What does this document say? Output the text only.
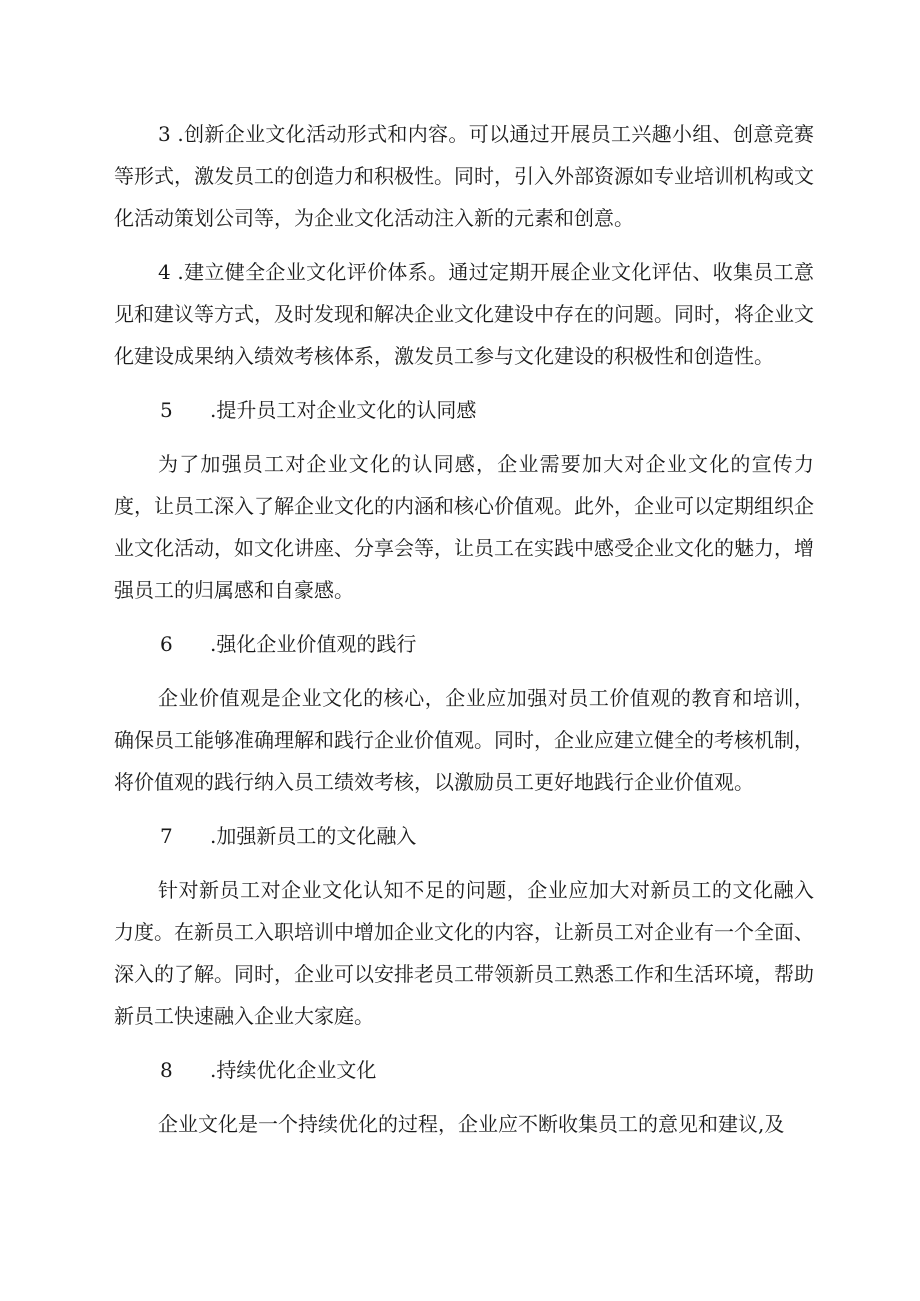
3 .创新企业文化活动形式和内容。可以通过开展员工兴趣小组、创意竞赛等形式，激发员工的创造力和积极性。同时，引入外部资源如专业培训机构或文化活动策划公司等，为企业文化活动注入新的元素和创意。

4 .建立健全企业文化评价体系。通过定期开展企业文化评估、收集员工意见和建议等方式，及时发现和解决企业文化建设中存在的问题。同时，将企业文化建设成果纳入绩效考核体系，激发员工参与文化建设的积极性和创造性。

5 .提升员工对企业文化的认同感

为了加强员工对企业文化的认同感，企业需要加大对企业文化的宣传力度，让员工深入了解企业文化的内涵和核心价值观。此外，企业可以定期组织企业文化活动，如文化讲座、分享会等，让员工在实践中感受企业文化的魅力，增强员工的归属感和自豪感。

6 .强化企业价值观的践行

企业价值观是企业文化的核心，企业应加强对员工价值观的教育和培训，确保员工能够准确理解和践行企业价值观。同时，企业应建立健全的考核机制，将价值观的践行纳入员工绩效考核，以激励员工更好地践行企业价值观。

7 .加强新员工的文化融入

针对新员工对企业文化认知不足的问题，企业应加大对新员工的文化融入力度。在新员工入职培训中增加企业文化的内容，让新员工对企业有一个全面、深入的了解。同时，企业可以安排老员工带领新员工熟悉工作和生活环境，帮助新员工快速融入企业大家庭。

8 .持续优化企业文化

企业文化是一个持续优化的过程，企业应不断收集员工的意见和建议,及
